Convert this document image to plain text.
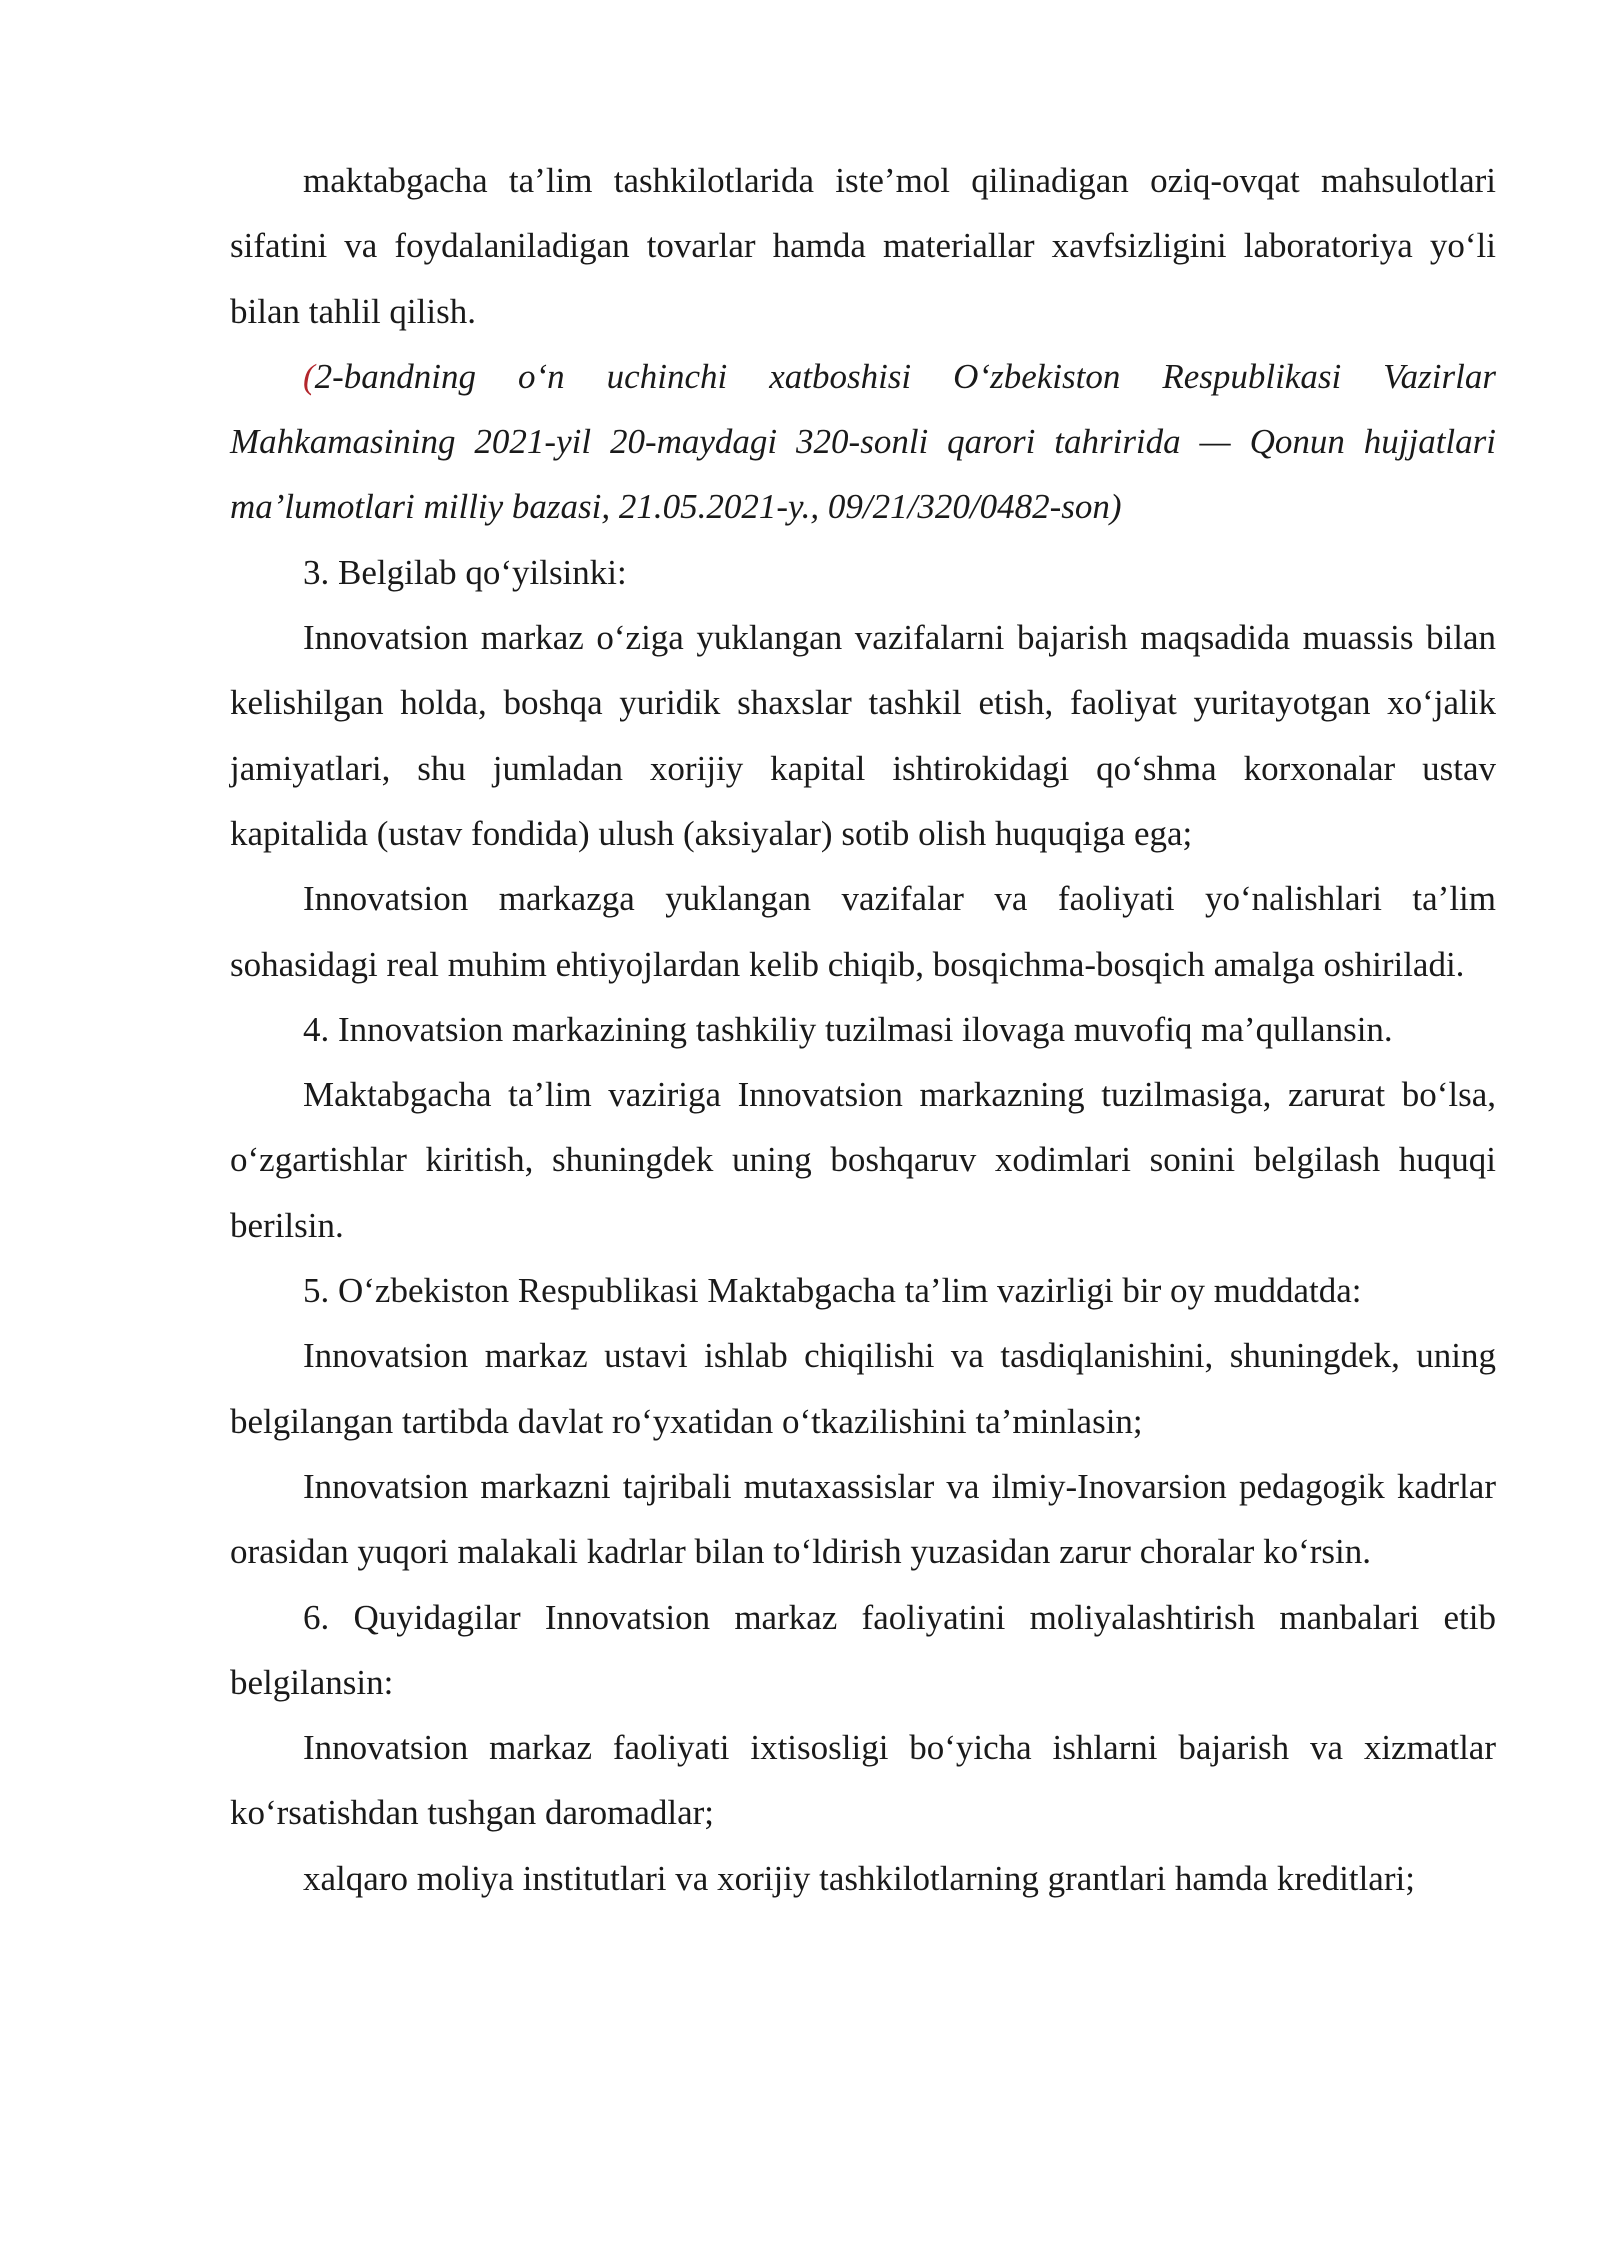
maktabgacha ta’lim tashkilotlarida iste’mol qilinadigan oziq-ovqat mahsulotlari sifatini va foydalaniladigan tovarlar hamda materiallar xavfsizligini laboratoriya yo‘li bilan tahlil qilish.

(2-bandning o‘n uchinchi xatboshisi O‘zbekiston Respublikasi Vazirlar Mahkamasining 2021-yil 20-maydagi 320-sonli qarori tahririda — Qonun hujjatlari ma’lumotlari milliy bazasi, 21.05.2021-y., 09/21/320/0482-son)

3. Belgilab qo‘yilsinki:

Innovatsion markaz o‘ziga yuklangan vazifalarni bajarish maqsadida muassis bilan kelishilgan holda, boshqa yuridik shaxslar tashkil etish, faoliyat yuritayotgan xo‘jalik jamiyatlari, shu jumladan xorijiy kapital ishtirokidagi qo‘shma korxonalar ustav kapitalida (ustav fondida) ulush (aksiyalar) sotib olish huquqiga ega;

Innovatsion markazga yuklangan vazifalar va faoliyati yo‘nalishlari ta’lim sohasidagi real muhim ehtiyojlardan kelib chiqib, bosqichma-bosqich amalga oshiriladi.

4. Innovatsion markazining tashkiliy tuzilmasi ilovaga muvofiq ma’qullansin.

Maktabgacha ta’lim vaziriga Innovatsion markazning tuzilmasiga, zarurat bo‘lsa, o‘zgartishlar kiritish, shuningdek uning boshqaruv xodimlari sonini belgilash huquqi berilsin.

5. O‘zbekiston Respublikasi Maktabgacha ta’lim vazirligi bir oy muddatda:

Innovatsion markaz ustavi ishlab chiqilishi va tasdiqlanishini, shuningdek, uning belgilangan tartibda davlat ro‘yxatidan o‘tkazilishini ta’minlasin;

Innovatsion markazni tajribali mutaxassislar va ilmiy-Inovarsion pedagogik kadrlar orasidan yuqori malakali kadrlar bilan to‘ldirish yuzasidan zarur choralar ko‘rsin.

6. Quyidagilar Innovatsion markaz faoliyatini moliyalashtirish manbalari etib belgilansin:

Innovatsion markaz faoliyati ixtisosligi bo‘yicha ishlarni bajarish va xizmatlar ko‘rsatishdan tushgan daromadlar;

xalqaro moliya institutlari va xorijiy tashkilotlarning grantlari hamda kreditlari;
